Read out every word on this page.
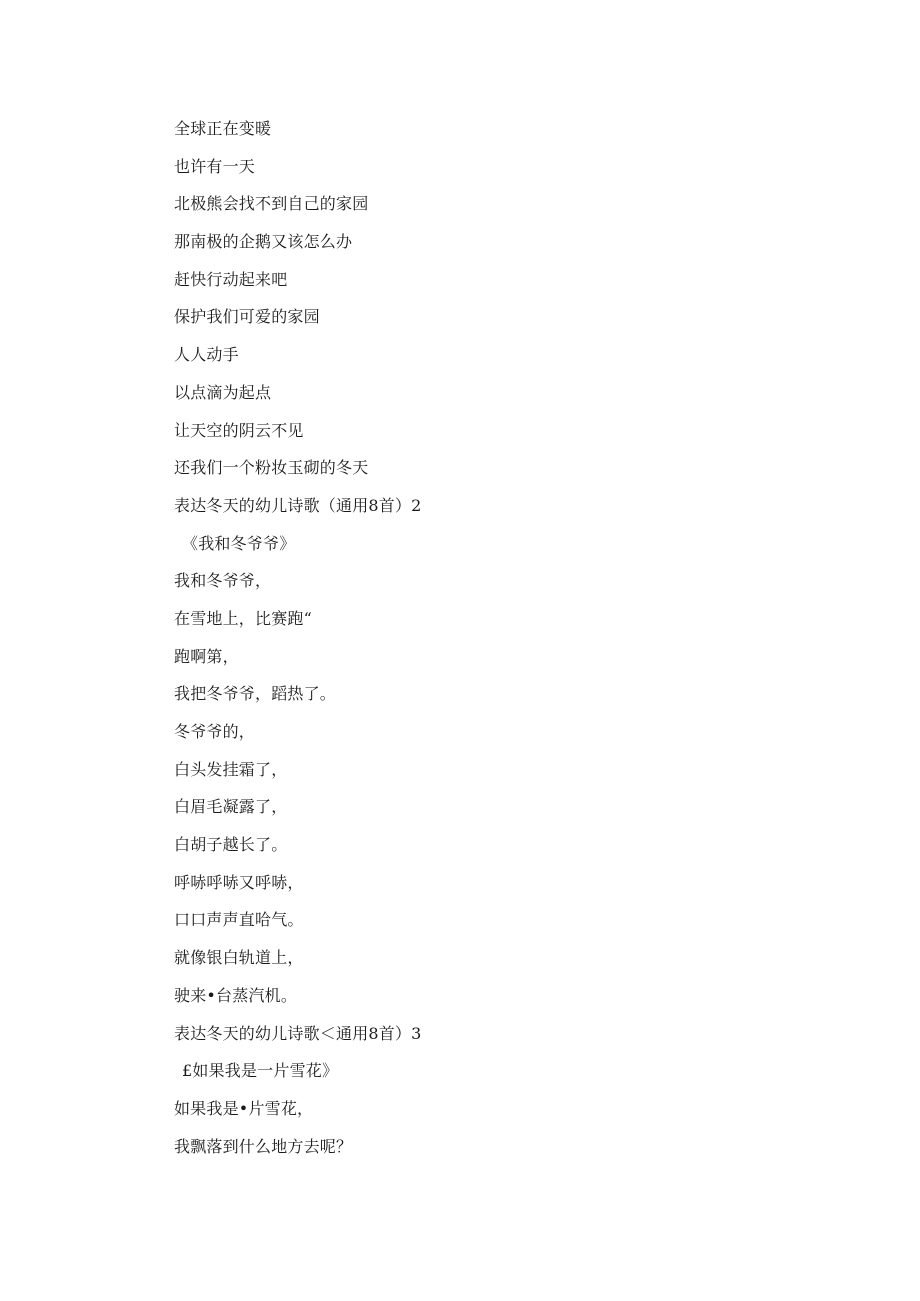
全球正在变暖
也许有一天
北极熊会找不到自己的家园
那南极的企鹅又该怎么办
赶快行动起来吧
保护我们可爱的家园
人人动手
以点滴为起点
让天空的阴云不见
还我们一个粉妆玉砌的冬天
表达冬天的幼儿诗歌（通用8首）2
《我和冬爷爷》
我和冬爷爷，
在雪地上，比赛跑“
跑啊第，
我把冬爷爷，蹈热了。
冬爷爷的，
白头发挂霜了，
白眉毛凝露了，
白胡子越长了。
呼哧呼哧又呼哧，
口口声声直哈气。
就像银白轨道上，
驶来•台蒸汽机。
表达冬天的幼儿诗歌＜通用8首）3
£如果我是一片雪花》
如果我是•片雪花，
我飘落到什么地方去呢？
